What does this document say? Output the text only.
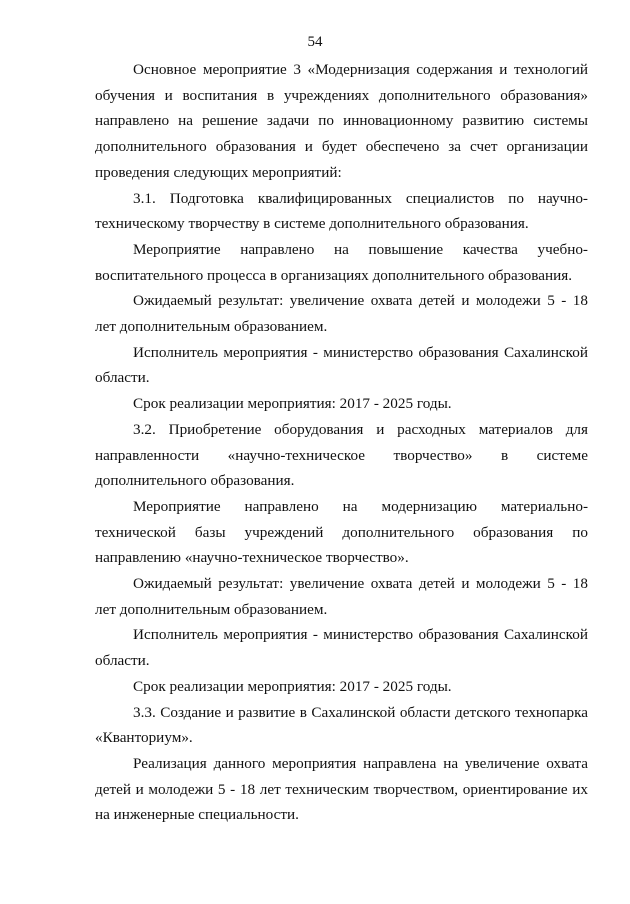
54

Основное мероприятие 3 «Модернизация содержания и технологий обучения и воспитания в учреждениях дополнительного образования» направлено на решение задачи по инновационному развитию системы дополнительного образования и будет обеспечено за счет организации проведения следующих мероприятий:

3.1. Подготовка квалифицированных специалистов по научно-техническому творчеству в системе дополнительного образования.

Мероприятие направлено на повышение качества учебно-воспитательного процесса в организациях дополнительного образования.

Ожидаемый результат: увеличение охвата детей и молодежи 5 - 18 лет дополнительным образованием.

Исполнитель мероприятия - министерство образования Сахалинской области.

Срок реализации мероприятия: 2017 - 2025 годы.

3.2. Приобретение оборудования и расходных материалов для направленности «научно-техническое творчество» в системе дополнительного образования.

Мероприятие направлено на модернизацию материально-технической базы учреждений дополнительного образования по направлению «научно-техническое творчество».

Ожидаемый результат: увеличение охвата детей и молодежи 5 - 18 лет дополнительным образованием.

Исполнитель мероприятия - министерство образования Сахалинской области.

Срок реализации мероприятия: 2017 - 2025 годы.

3.3. Создание и развитие в Сахалинской области детского технопарка «Кванториум».

Реализация данного мероприятия направлена на увеличение охвата детей и молодежи 5 - 18 лет техническим творчеством, ориентирование их на инженерные специальности.
